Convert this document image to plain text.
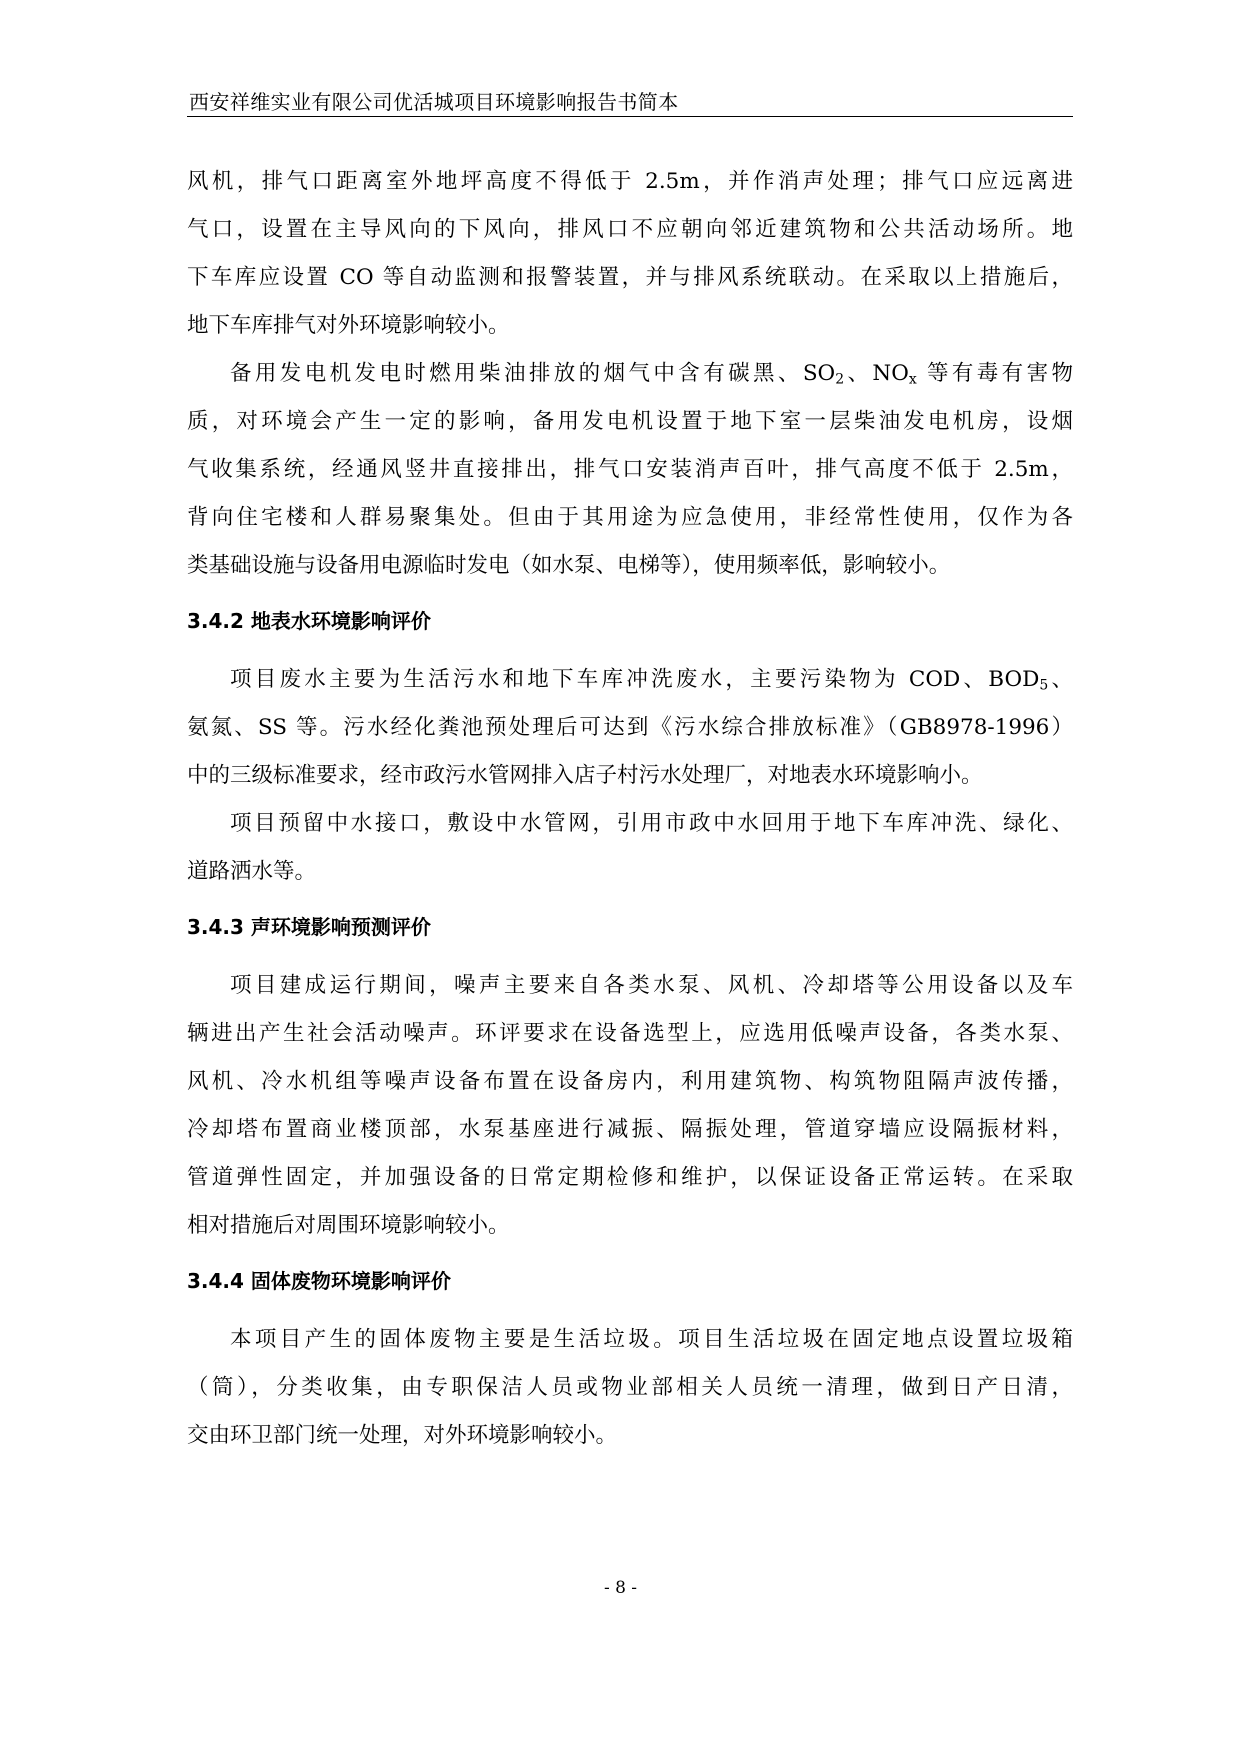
西安祥维实业有限公司优活城项目环境影响报告书简本

风机，排气口距离室外地坪高度不得低于 2.5m，并作消声处理；排气口应远离进
气口，设置在主导风向的下风向，排风口不应朝向邻近建筑物和公共活动场所。地
下车库应设置 CO 等自动监测和报警装置，并与排风系统联动。在采取以上措施后，
地下车库排气对外环境影响较小。

备用发电机发电时燃用柴油排放的烟气中含有碳黑、$SO_2$、$NO_x$ 等有毒有害物
质，对环境会产生一定的影响，备用发电机设置于地下室一层柴油发电机房，设烟
气收集系统，经通风竖井直接排出，排气口安装消声百叶，排气高度不低于 2.5m，
背向住宅楼和人群易聚集处。但由于其用途为应急使用，非经常性使用，仅作为各
类基础设施与设备用电源临时发电（如水泵、电梯等），使用频率低，影响较小。

3.4.2 地表水环境影响评价

项目废水主要为生活污水和地下车库冲洗废水，主要污染物为 COD、$BOD_5$、
氨氮、SS 等。污水经化粪池预处理后可达到《污水综合排放标准》（GB8978-1996）
中的三级标准要求，经市政污水管网排入店子村污水处理厂，对地表水环境影响小。

项目预留中水接口，敷设中水管网，引用市政中水回用于地下车库冲洗、绿化、
道路洒水等。

3.4.3 声环境影响预测评价

项目建成运行期间，噪声主要来自各类水泵、风机、冷却塔等公用设备以及车
辆进出产生社会活动噪声。环评要求在设备选型上，应选用低噪声设备，各类水泵、
风机、冷水机组等噪声设备布置在设备房内，利用建筑物、构筑物阻隔声波传播，
冷却塔布置商业楼顶部，水泵基座进行减振、隔振处理，管道穿墙应设隔振材料，
管道弹性固定，并加强设备的日常定期检修和维护，以保证设备正常运转。在采取
相对措施后对周围环境影响较小。

3.4.4 固体废物环境影响评价

本项目产生的固体废物主要是生活垃圾。项目生活垃圾在固定地点设置垃圾箱
（筒），分类收集，由专职保洁人员或物业部相关人员统一清理，做到日产日清，
交由环卫部门统一处理，对外环境影响较小。

- 8 -
